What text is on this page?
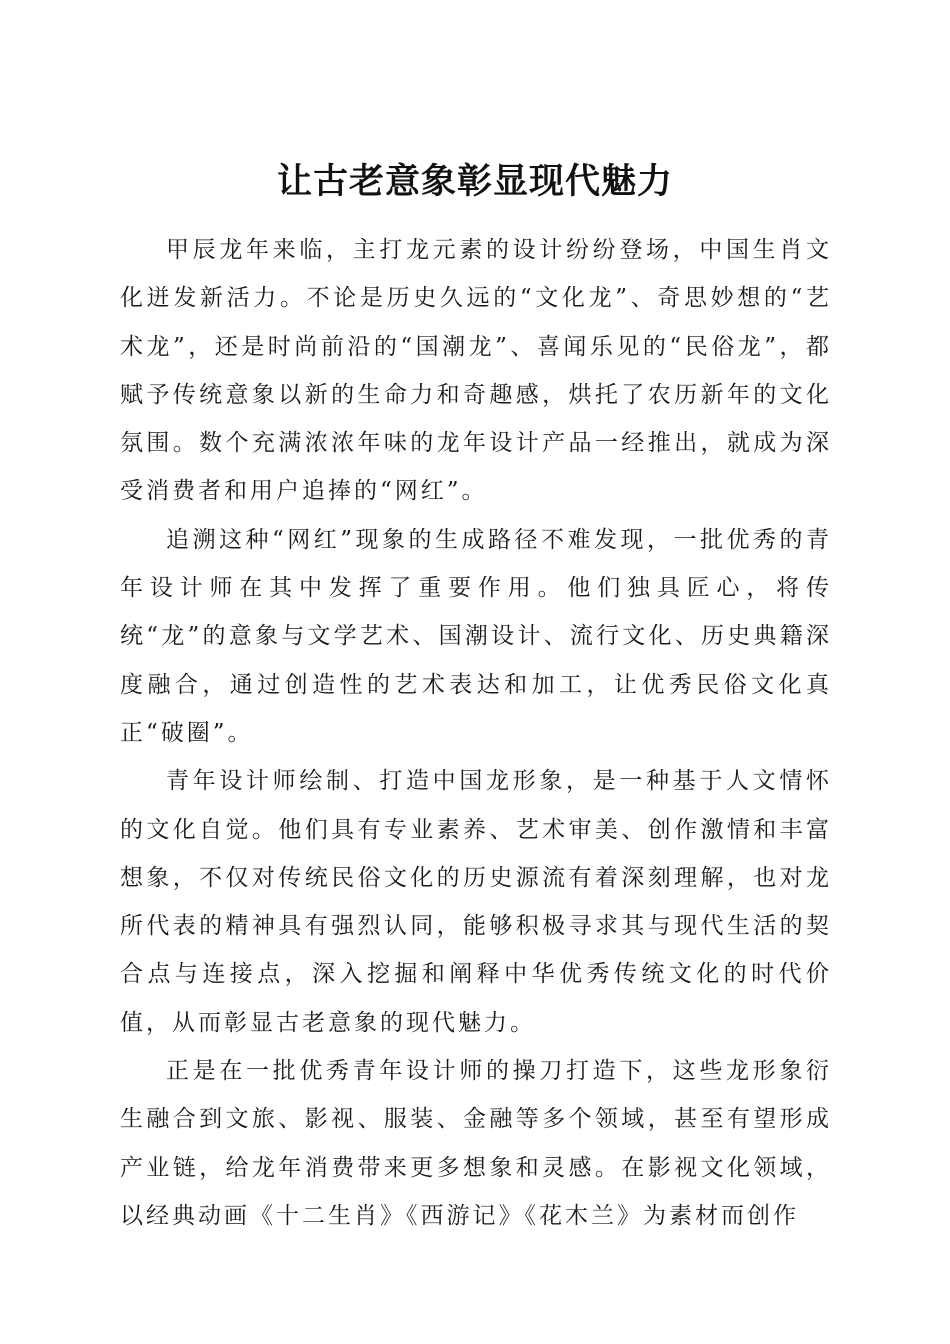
让古老意象彰显现代魅力

甲辰龙年来临，主打龙元素的设计纷纷登场，中国生肖文化迸发新活力。不论是历史久远的“文化龙”、奇思妙想的“艺术龙”，还是时尚前沿的“国潮龙”、喜闻乐见的“民俗龙”，都赋予传统意象以新的生命力和奇趣感，烘托了农历新年的文化氛围。数个充满浓浓年味的龙年设计产品一经推出，就成为深受消费者和用户追捧的“网红”。

追溯这种“网红”现象的生成路径不难发现，一批优秀的青年设计师在其中发挥了重要作用。他们独具匠心，将传统“龙”的意象与文学艺术、国潮设计、流行文化、历史典籍深度融合，通过创造性的艺术表达和加工，让优秀民俗文化真正“破圈”。

青年设计师绘制、打造中国龙形象，是一种基于人文情怀的文化自觉。他们具有专业素养、艺术审美、创作激情和丰富想象，不仅对传统民俗文化的历史源流有着深刻理解，也对龙所代表的精神具有强烈认同，能够积极寻求其与现代生活的契合点与连接点，深入挖掘和阐释中华优秀传统文化的时代价值，从而彰显古老意象的现代魅力。

正是在一批优秀青年设计师的操刀打造下，这些龙形象衍生融合到文旅、影视、服装、金融等多个领域，甚至有望形成产业链，给龙年消费带来更多想象和灵感。在影视文化领域，以经典动画《十二生肖》《西游记》《花木兰》为素材而创作
